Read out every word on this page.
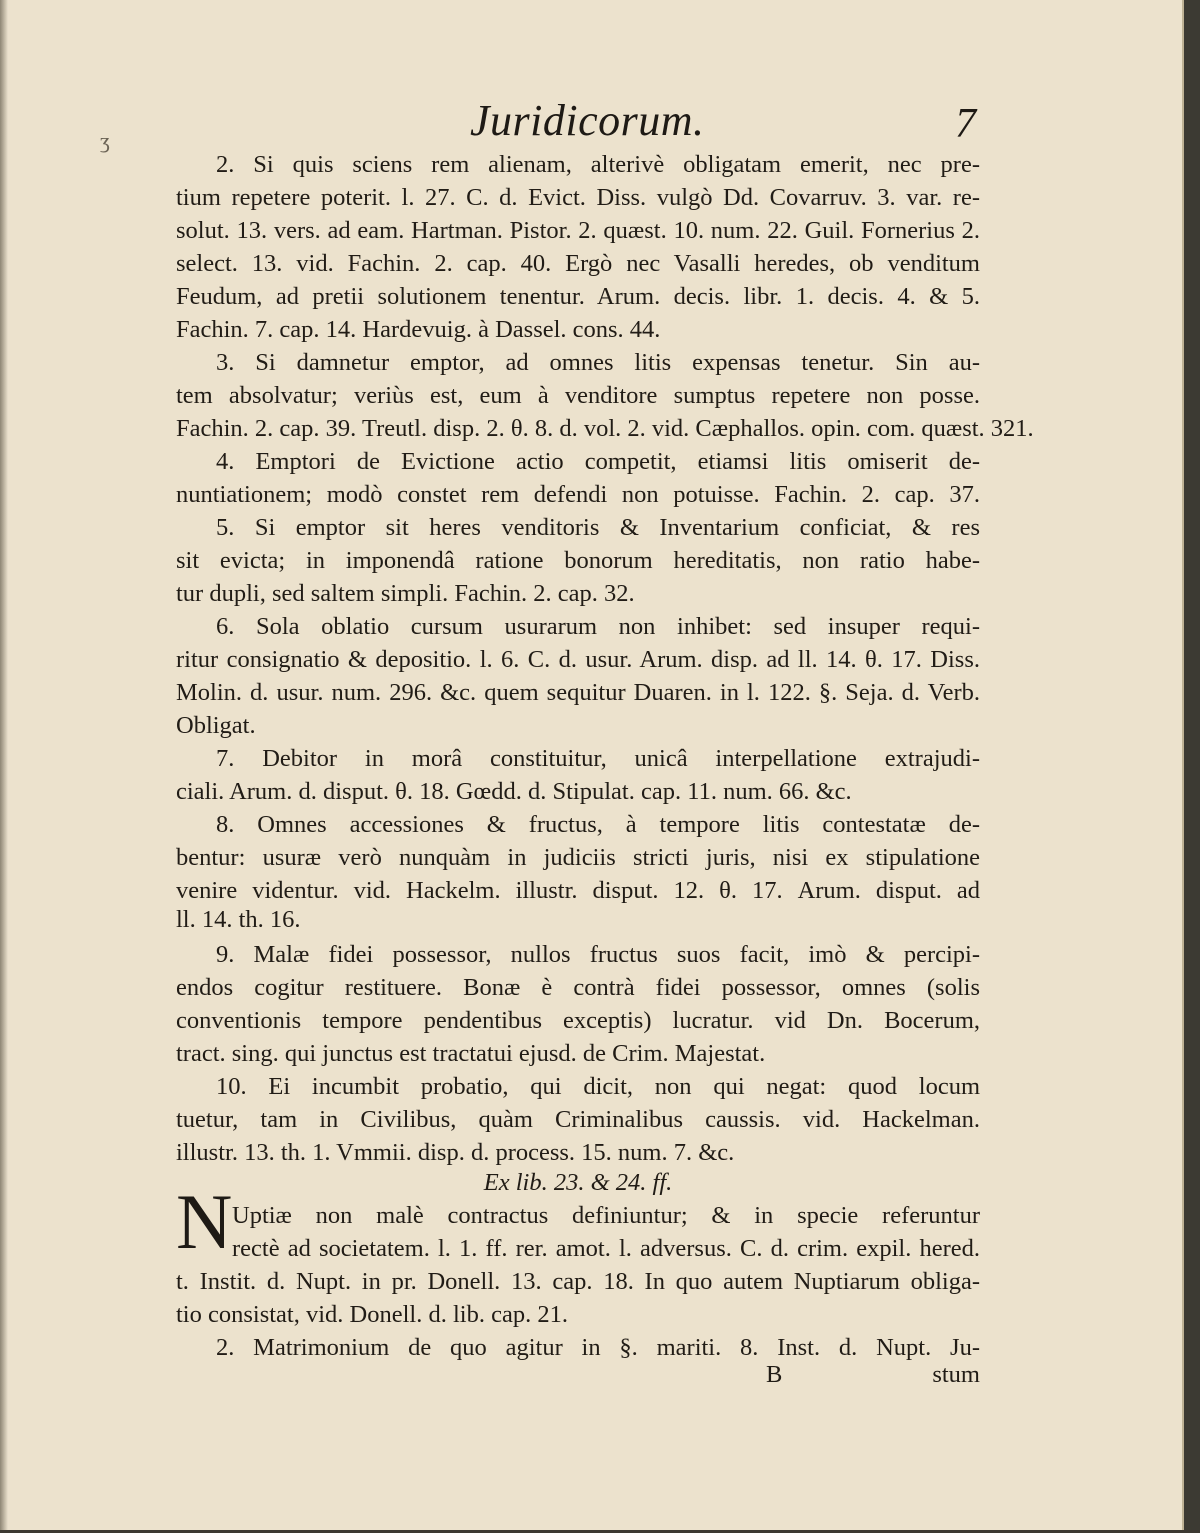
ʒ	Juridicorum.	7
2. Si quis sciens rem alienam, alterivè obligatam emerit, nec pre-
tium repetere poterit. l. 27. C. d. Evict. Diss. vulgò Dd. Covarruv. 3. var. re-
solut. 13. vers. ad eam. Hartman. Pistor. 2. quæst. 10. num. 22. Guil. Fornerius 2.
select. 13. vid. Fachin. 2. cap. 40. Ergò nec Vasalli heredes, ob venditum
Feudum, ad pretii solutionem tenentur. Arum. decis. libr. 1. decis. 4. & 5.
Fachin. 7. cap. 14. Hardevuig. à Dassel. cons. 44.
3. Si damnetur emptor, ad omnes litis expensas tenetur. Sin au-
tem absolvatur; veriùs est, eum à venditore sumptus repetere non posse.
Fachin. 2. cap. 39. Treutl. disp. 2. θ. 8. d. vol. 2. vid. Cæphallos. opin. com. quæst. 321.
4. Emptori de Evictione actio competit, etiamsi litis omiserit de-
nuntiationem; modò constet rem defendi non potuisse. Fachin. 2. cap. 37.
5. Si emptor sit heres venditoris & Inventarium conficiat, & res
sit evicta; in imponendâ ratione bonorum hereditatis, non ratio habe-
tur dupli, sed saltem simpli. Fachin. 2. cap. 32.
6. Sola oblatio cursum usurarum non inhibet: sed insuper requi-
ritur consignatio & depositio. l. 6. C. d. usur. Arum. disp. ad ll. 14. θ. 17. Diss.
Molin. d. usur. num. 296. &c. quem sequitur Duaren. in l. 122. §. Seja. d. Verb.
Obligat.
7. Debitor in morâ constituitur, unicâ interpellatione extrajudi-
ciali. Arum. d. disput. θ. 18. Gœdd. d. Stipulat. cap. 11. num. 66. &c.
8. Omnes accessiones & fructus, à tempore litis contestatæ de-
bentur: usuræ verò nunquàm in judiciis stricti juris, nisi ex stipulatione
venire videntur. vid. Hackelm. illustr. disput. 12. θ. 17. Arum. disput. ad
ll. 14. th. 16.
9. Malæ fidei possessor, nullos fructus suos facit, imò & percipi-
endos cogitur restituere. Bonæ è contrà fidei possessor, omnes (solis
conventionis tempore pendentibus exceptis) lucratur. vid Dn. Bocerum,
tract. sing. qui junctus est tractatui ejusd. de Crim. Majestat.
10. Ei incumbit probatio, qui dicit, non qui negat: quod locum
tuetur, tam in Civilibus, quàm Criminalibus caussis. vid. Hackelman.
illustr. 13. th. 1. Vmmii. disp. d. process. 15. num. 7. &c.
Ex lib. 23. & 24. ff.
N Uptiæ non malè contractus definiuntur; & in specie referuntur
rectè ad societatem. l. 1. ff. rer. amot. l. adversus. C. d. crim. expil. hered.
t. Instit. d. Nupt. in pr. Donell. 13. cap. 18. In quo autem Nuptiarum obliga-
tio consistat, vid. Donell. d. lib. cap. 21.
2. Matrimonium de quo agitur in §. mariti. 8. Inst. d. Nupt. Ju-
B	stum
